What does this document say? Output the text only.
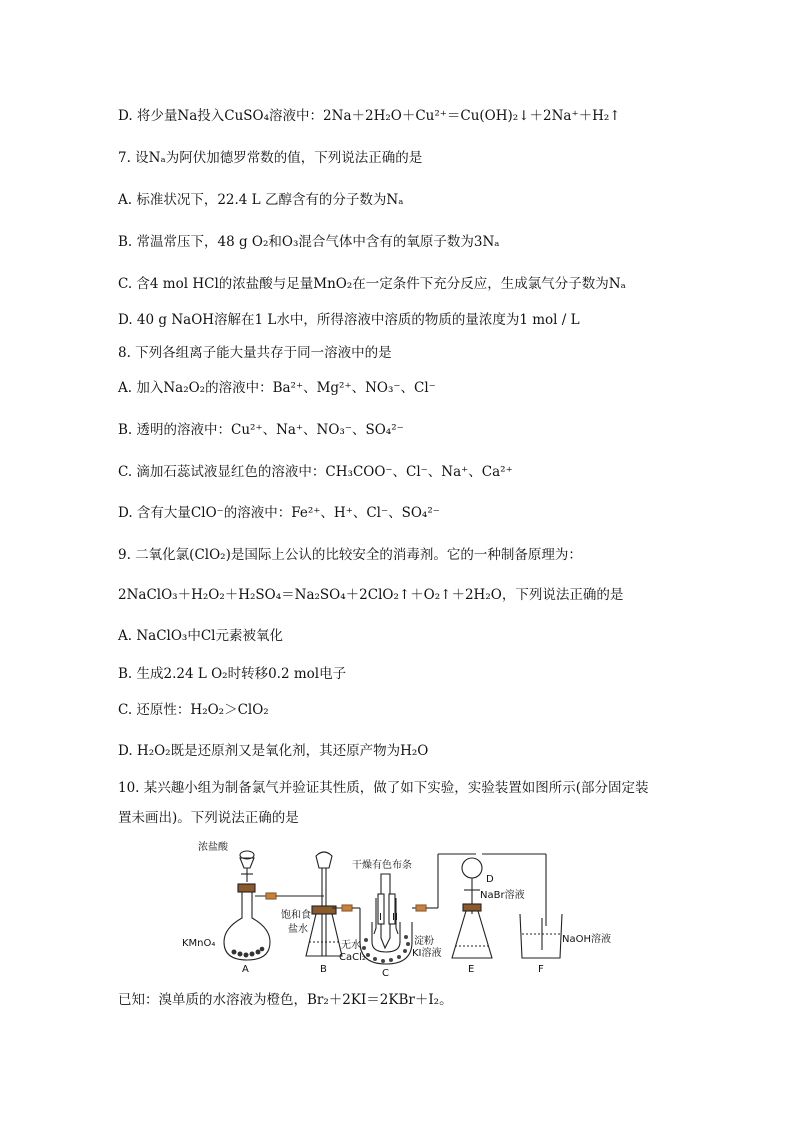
D. 将少量Na投入CuSO₄溶液中：2Na＋2H₂O＋Cu²⁺＝Cu(OH)₂↓＋2Na⁺＋H₂↑
7. 设Nₐ为阿伏加德罗常数的值，下列说法正确的是
A. 标准状况下，22.4 L 乙醇含有的分子数为Nₐ
B. 常温常压下，48 g O₂和O₃混合气体中含有的氧原子数为3Nₐ
C. 含4 mol HCl的浓盐酸与足量MnO₂在一定条件下充分反应，生成氯气分子数为Nₐ
D. 40 g NaOH溶解在1 L水中，所得溶液中溶质的物质的量浓度为1 mol / L
8. 下列各组离子能大量共存于同一溶液中的是
A. 加入Na₂O₂的溶液中：Ba²⁺、Mg²⁺、NO₃⁻、Cl⁻
B. 透明的溶液中：Cu²⁺、Na⁺、NO₃⁻、SO₄²⁻
C. 滴加石蕊试液显红色的溶液中：CH₃COO⁻、Cl⁻、Na⁺、Ca²⁺
D. 含有大量ClO⁻的溶液中：Fe²⁺、H⁺、Cl⁻、SO₄²⁻
9. 二氧化氯(ClO₂)是国际上公认的比较安全的消毒剂。它的一种制备原理为：
2NaClO₃＋H₂O₂＋H₂SO₄＝Na₂SO₄＋2ClO₂↑＋O₂↑＋2H₂O，下列说法正确的是
A. NaClO₃中Cl元素被氧化
B. 生成2.24 L O₂时转移0.2 mol电子
C. 还原性：H₂O₂＞ClO₂
D. H₂O₂既是还原剂又是氧化剂，其还原产物为H₂O
10. 某兴趣小组为制备氯气并验证其性质，做了如下实验，实验装置如图所示(部分固定装
置未画出)。下列说法正确的是
已知：溴单质的水溶液为橙色，Br₂＋2KI＝2KBr＋I₂。
浓盐酸
KMnO₄
饱和食
盐水
干燥有色布条
无水
CaCl₂
淀粉
KI溶液
I II
D
NaBr溶液
NaOH溶液
A	B	C	E	F
